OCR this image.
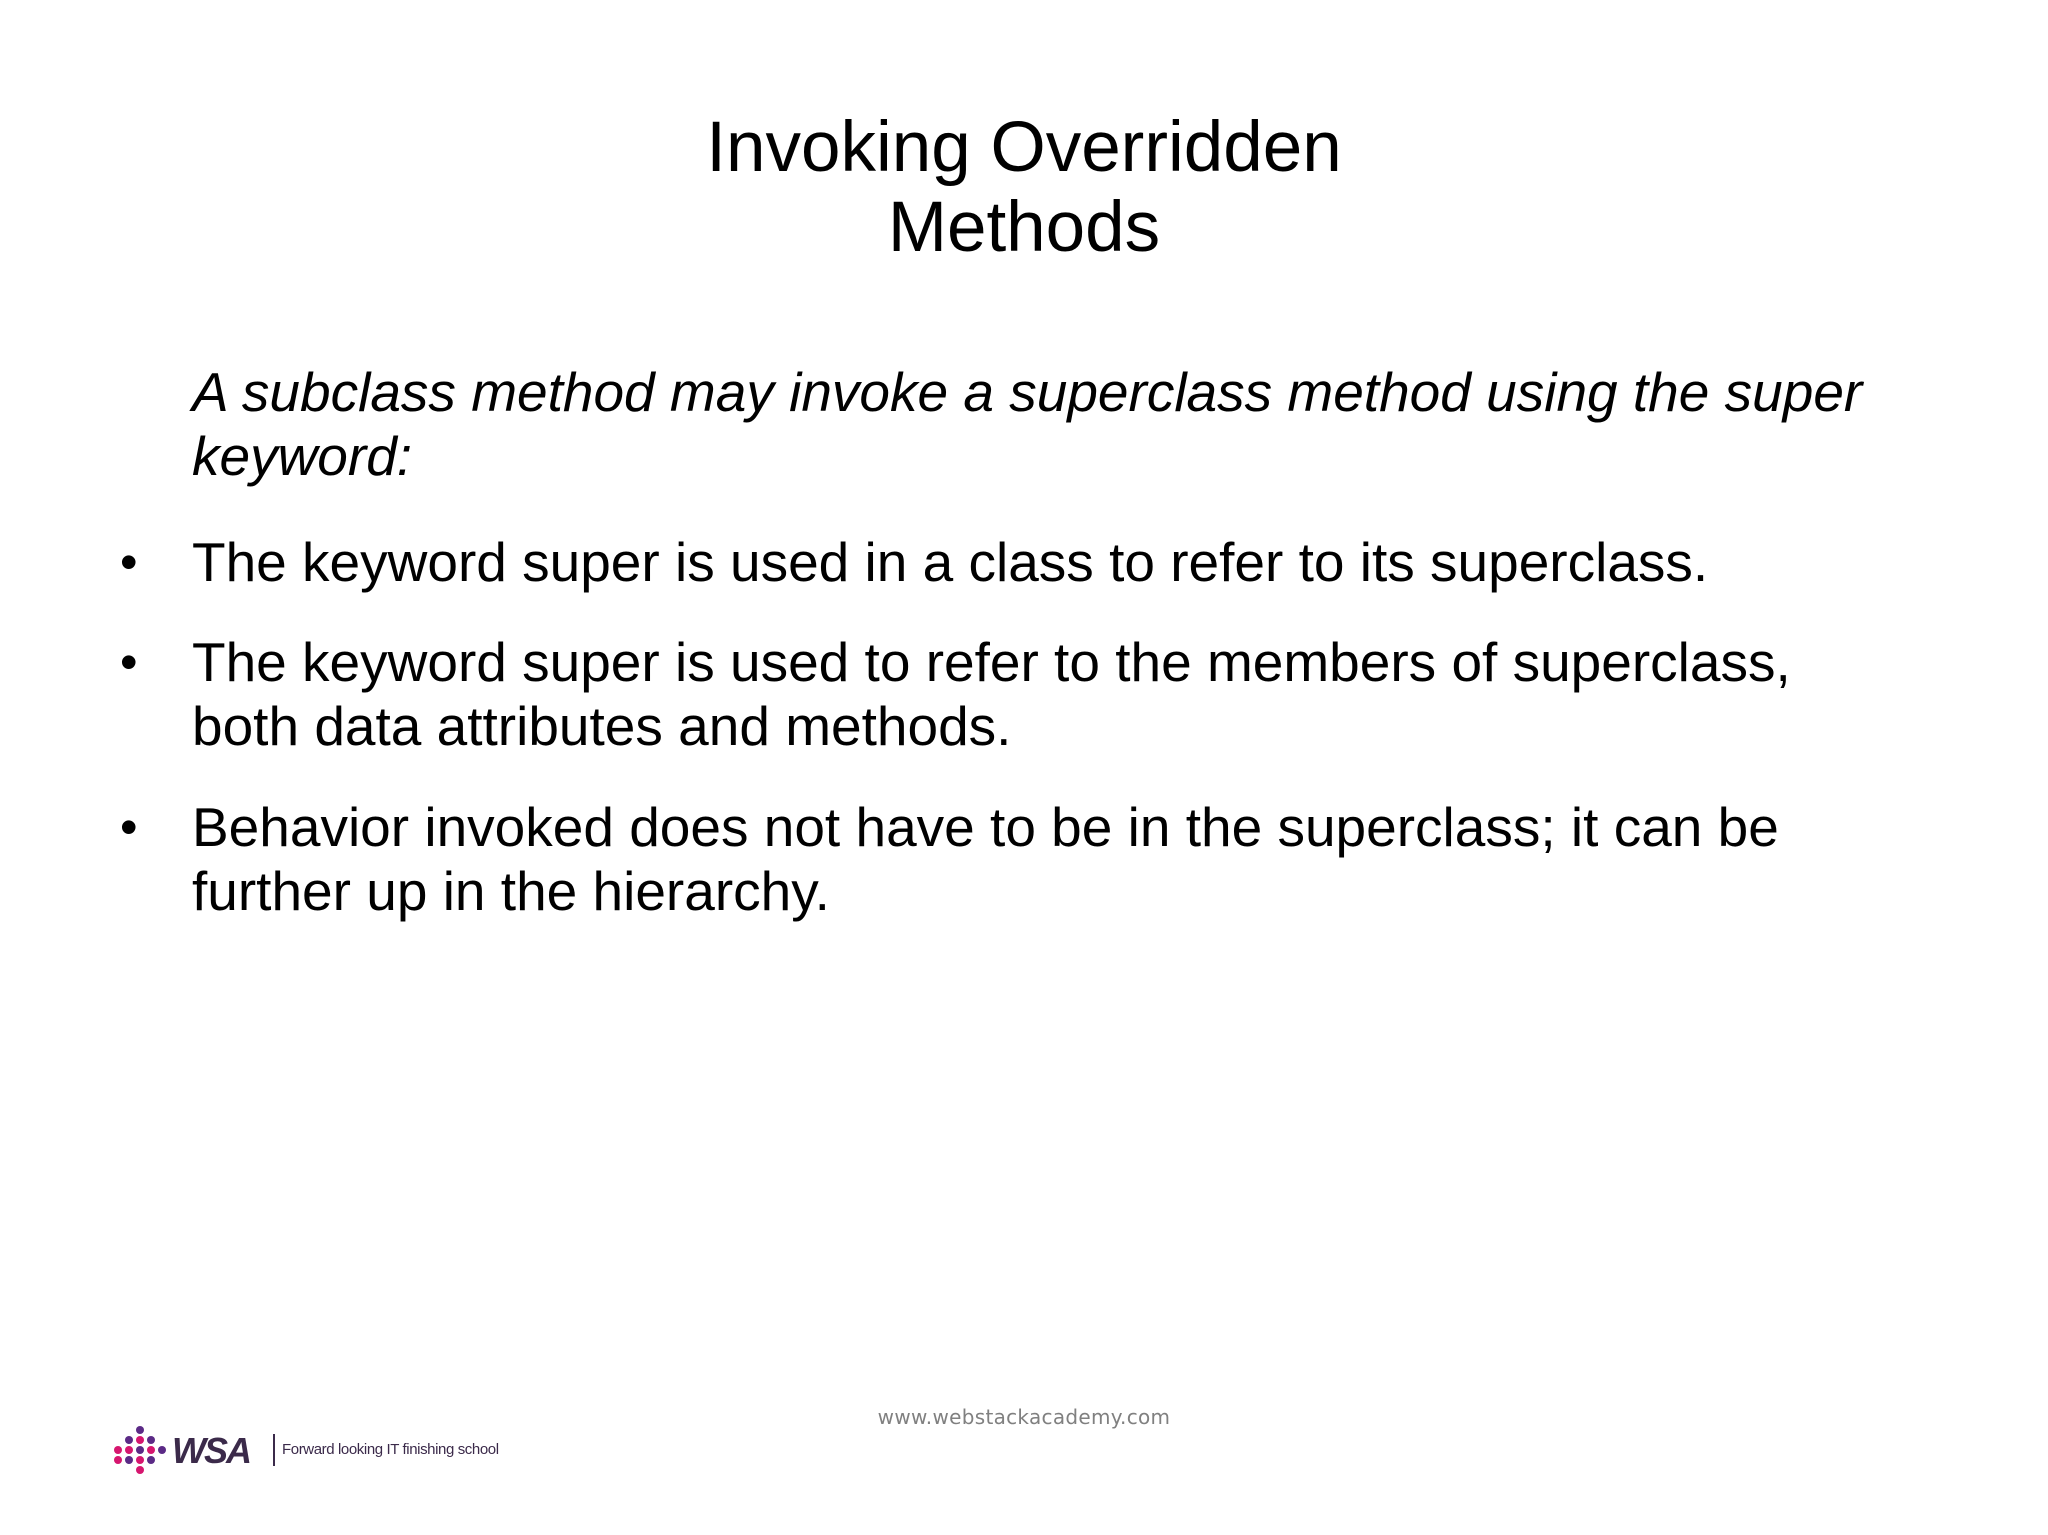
Invoking Overridden
Methods

A subclass method may invoke a superclass method using the super keyword:

• The keyword super is used in a class to refer to its superclass.
• The keyword super is used to refer to the members of superclass, both data attributes and methods.
• Behavior invoked does not have to be in the superclass; it can be further up in the hierarchy.
www.webstackacademy.com
WSA Forward looking IT finishing school
